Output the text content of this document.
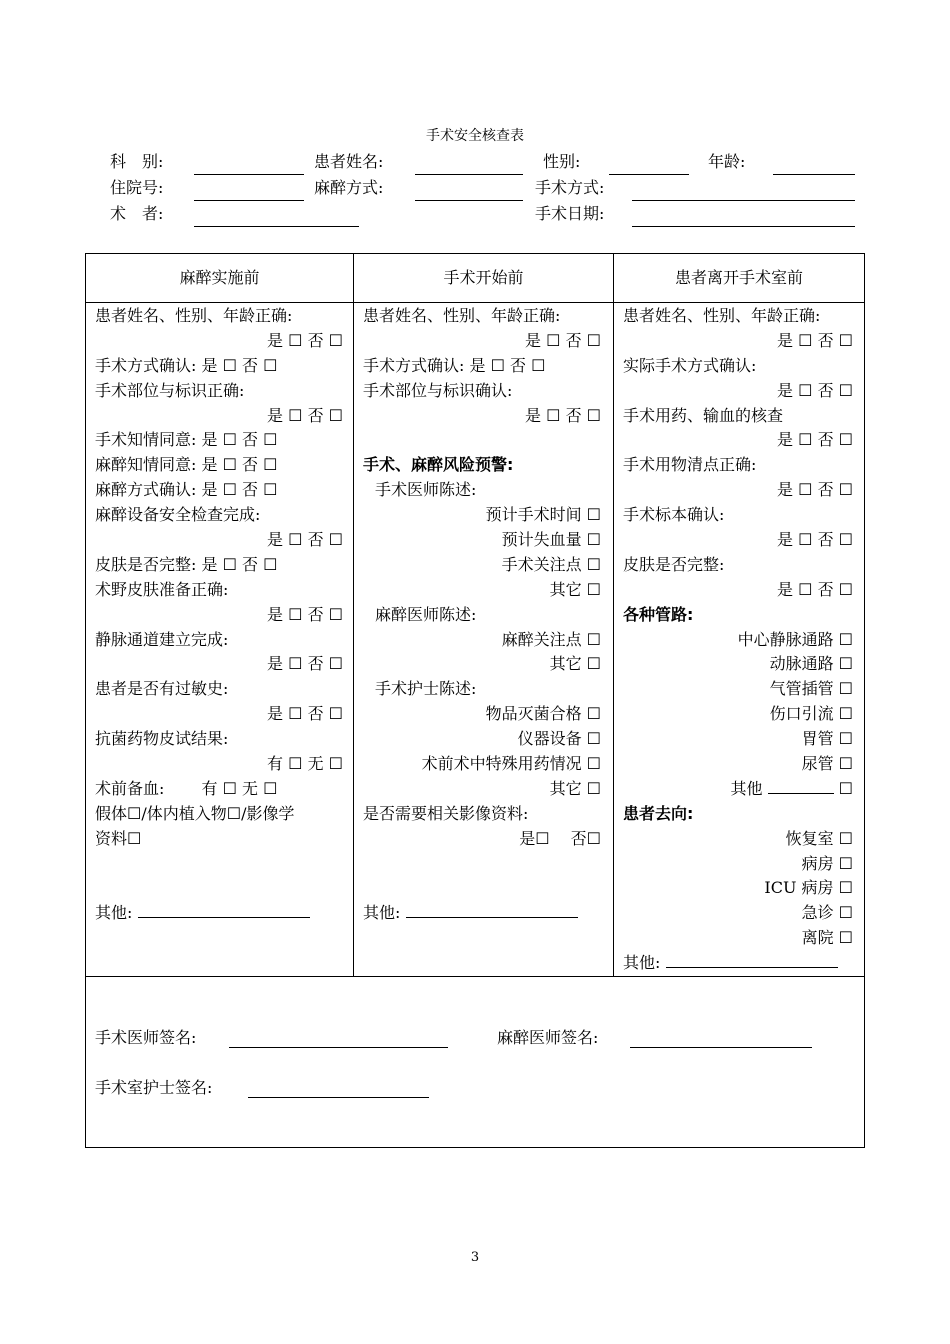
手术安全核查表
科　别:	患者姓名:	性别:	年龄:
住院号:	麻醉方式:	手术方式:
术　者:	手术日期:
麻醉实施前	手术开始前	患者离开手术室前
患者姓名、性别、年龄正确:
是 ☐ 否 ☐
手术方式确认: 是 ☐ 否 ☐
手术部位与标识正确:
是 ☐ 否 ☐
手术知情同意: 是 ☐ 否 ☐
麻醉知情同意: 是 ☐ 否 ☐
麻醉方式确认: 是 ☐ 否 ☐
麻醉设备安全检查完成:
是 ☐ 否 ☐
皮肤是否完整: 是 ☐ 否 ☐
术野皮肤准备正确:
是 ☐ 否 ☐
静脉通道建立完成:
是 ☐ 否 ☐
患者是否有过敏史:
是 ☐ 否 ☐
抗菌药物皮试结果:
有 ☐ 无 ☐
术前备血:　　 有 ☐ 无 ☐
假体☐/体内植入物☐/影像学
资料☐
其他:
患者姓名、性别、年龄正确:
是 ☐ 否 ☐
手术方式确认: 是 ☐ 否 ☐
手术部位与标识确认:
是 ☐ 否 ☐
手术、麻醉风险预警:
手术医师陈述:
预计手术时间 ☐
预计失血量 ☐
手术关注点 ☐
其它 ☐
麻醉医师陈述:
麻醉关注点 ☐
其它 ☐
手术护士陈述:
物品灭菌合格 ☐
仪器设备 ☐
术前术中特殊用药情况 ☐
其它 ☐
是否需要相关影像资料:
是☐　 否☐
其他:
患者姓名、性别、年龄正确:
是 ☐ 否 ☐
实际手术方式确认:
是 ☐ 否 ☐
手术用药、输血的核查
是 ☐ 否 ☐
手术用物清点正确:
是 ☐ 否 ☐
手术标本确认:
是 ☐ 否 ☐
皮肤是否完整:
是 ☐ 否 ☐
各种管路:
中心静脉通路 ☐
动脉通路 ☐
气管插管 ☐
伤口引流 ☐
胃管 ☐
尿管 ☐
其他	☐
患者去向:
恢复室 ☐
病房 ☐
ICU 病房 ☐
急诊 ☐
离院 ☐
其他:
手术医师签名:	麻醉医师签名:
手术室护士签名:
3
